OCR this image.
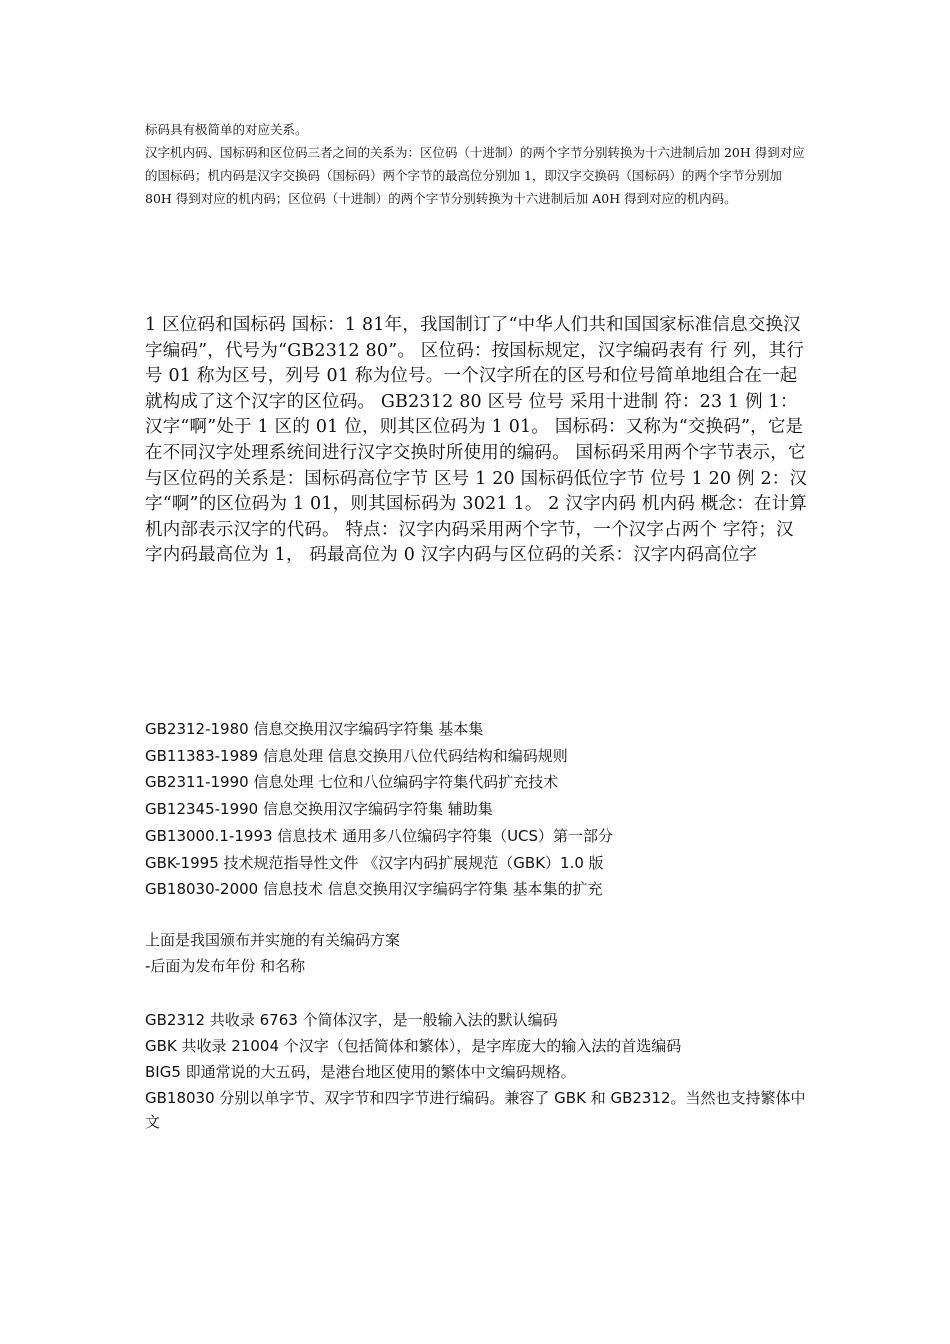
标码具有极简单的对应关系。

汉字机内码、国标码和区位码三者之间的关系为：区位码（十进制）的两个字节分别转换为十六进制后加 20H 得到对应的国标码；机内码是汉字交换码（国标码）两个字节的最高位分别加 1，即汉字交换码（国标码）的两个字节分别加 80H 得到对应的机内码；区位码（十进制）的两个字节分别转换为十六进制后加 A0H 得到对应的机内码。

1 区位码和国标码 国标：1 81年，我国制订了“中华人们共和国国家标准信息交换汉字编码”，代号为“GB2312 80”。 区位码：按国标规定，汉字编码表有 行 列，其行号 01 称为区号，列号 01 称为位号。一个汉字所在的区号和位号简单地组合在一起就构成了这个汉字的区位码。 GB2312 80 区号 位号 采用十进制 符：23 1 例 1：汉字“啊”处于 1 区的 01 位，则其区位码为 1 01。 国标码：又称为“交换码”，它是在不同汉字处理系统间进行汉字交换时所使用的编码。 国标码采用两个字节表示，它与区位码的关系是：国标码高位字节 区号 1 20 国标码低位字节 位号 1 20 例 2：汉字“啊”的区位码为 1 01，则其国标码为 3021 1。 2 汉字内码 机内码 概念：在计算机内部表示汉字的代码。 特点：汉字内码采用两个字节，一个汉字占两个 字符；汉字内码最高位为 1， 码最高位为 0 汉字内码与区位码的关系：汉字内码高位字

GB2312-1980 信息交换用汉字编码字符集 基本集
GB11383-1989 信息处理 信息交换用八位代码结构和编码规则
GB2311-1990 信息处理 七位和八位编码字符集代码扩充技术
GB12345-1990 信息交换用汉字编码字符集 辅助集
GB13000.1-1993 信息技术 通用多八位编码字符集（UCS）第一部分
GBK-1995 技术规范指导性文件 《汉字内码扩展规范（GBK）1.0 版
GB18030-2000 信息技术 信息交换用汉字编码字符集 基本集的扩充

上面是我国颁布并实施的有关编码方案

-后面为发布年份 和名称

GB2312 共收录 6763 个简体汉字，是一般输入法的默认编码

GBK 共收录 21004 个汉字（包括简体和繁体），是字库庞大的输入法的首选编码

BIG5 即通常说的大五码，是港台地区使用的繁体中文编码规格。

GB18030 分别以单字节、双字节和四字节进行编码。兼容了 GBK 和 GB2312。当然也支持繁体中文
